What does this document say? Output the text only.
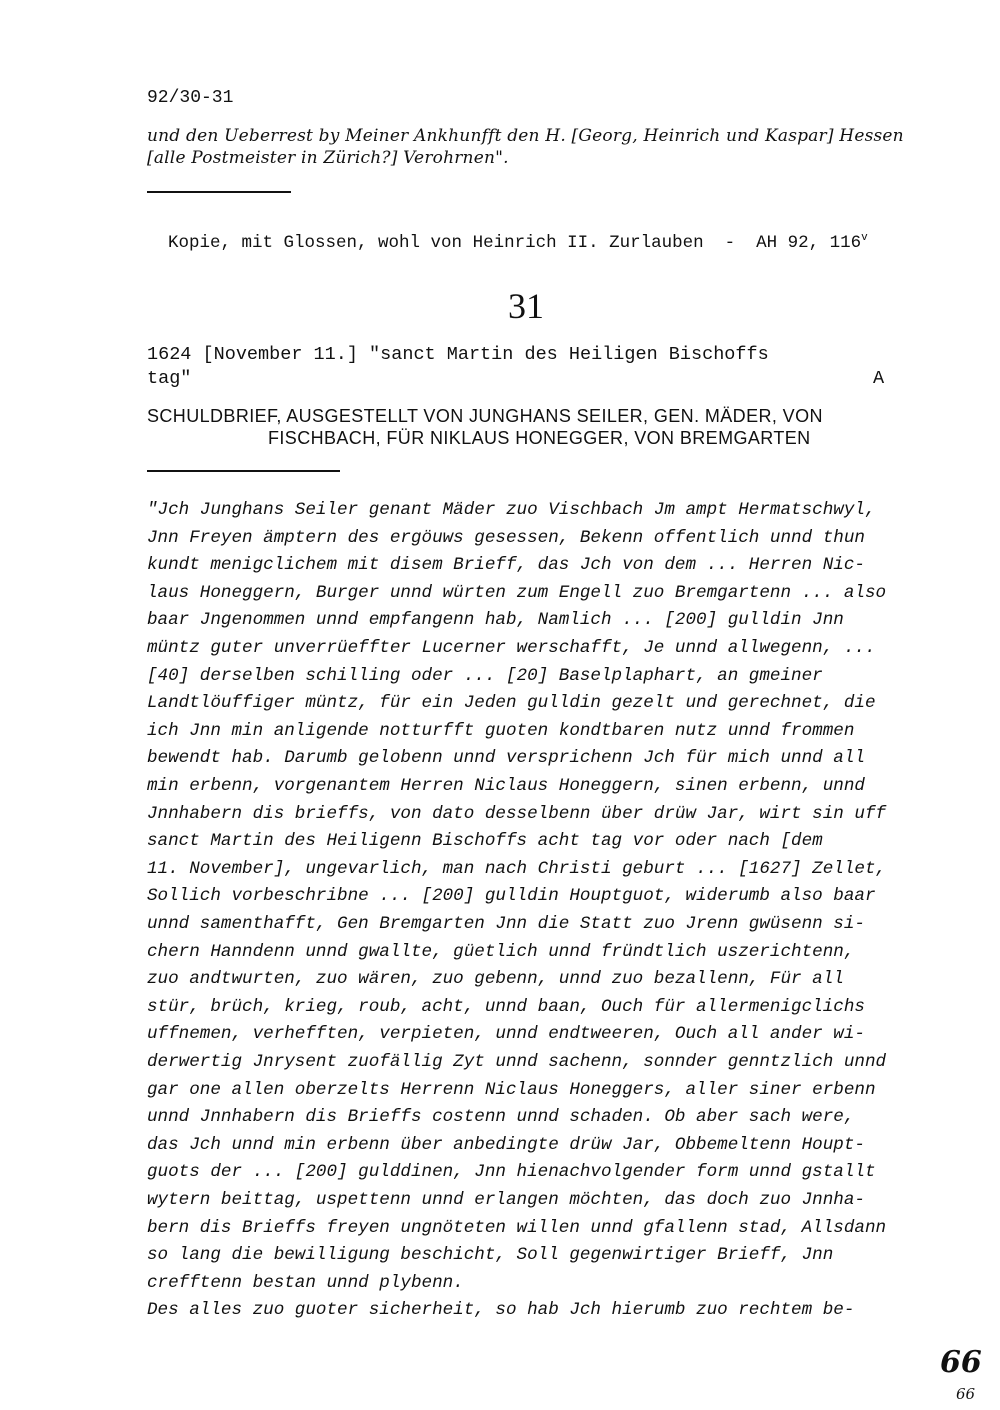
92/30-31
und den Ueberrest by Meiner Ankhunfft den H. [Georg, Heinrich und Kaspar] Hessen
[alle Postmeister in Zürich?] Verohrnen".

Kopie, mit Glossen, wohl von Heinrich II. Zurlauben  -  AH 92, 116$^v$

31
1624 [November 11.] "sanct Martin des Heiligen Bischoffs
tag"	A
SCHULDBRIEF, AUSGESTELLT VON JUNGHANS SEILER, GEN. MÄDER, VON
FISCHBACH, FÜR NIKLAUS HONEGGER, VON BREMGARTEN
"Jch Junghans Seiler genant Mäder zuo Vischbach Jm ampt Hermatschwyl,
Jnn Freyen ämptern des ergöuws gesessen, Bekenn offentlich unnd thun
kundt menigclichem mit disem Brieff, das Jch von dem ... Herren Nic-
laus Honeggern, Burger unnd würten zum Engell zuo Bremgartenn ... also
baar Jngenommen unnd empfangenn hab, Namlich ... [200] gulldin Jnn
müntz guter unverrüeffter Lucerner werschafft, Je unnd allwegenn, ...
[40] derselben schilling oder ... [20] Baselplaphart, an gmeiner
Landtlöuffiger müntz, für ein Jeden gulldin gezelt und gerechnet, die
ich Jnn min anligende notturfft guoten kondtbaren nutz unnd frommen
bewendt hab. Darumb gelobenn unnd versprichenn Jch für mich unnd all
min erbenn, vorgenantem Herren Niclaus Honeggern, sinen erbenn, unnd
Jnnhabern dis brieffs, von dato desselbenn über drüw Jar, wirt sin uff
sanct Martin des Heiligenn Bischoffs acht tag vor oder nach [dem
11. November], ungevarlich, man nach Christi geburt ... [1627] Zellet,
Sollich vorbeschribne ... [200] gulldin Houptguot, widerumb also baar
unnd samenthafft, Gen Bremgarten Jnn die Statt zuo Jrenn gwüsenn si-
chern Hanndenn unnd gwallte, güetlich unnd fründtlich uszerichtenn,
zuo andtwurten, zuo wären, zuo gebenn, unnd zuo bezallenn, Für all
stür, brüch, krieg, roub, acht, unnd baan, Ouch für allermenigclichs
uffnemen, verhefften, verpieten, unnd endtweeren, Ouch all ander wi-
derwertig Jnrysent zuofällig Zyt unnd sachenn, sonnder genntzlich unnd
gar one allen oberzelts Herrenn Niclaus Honeggers, aller siner erbenn
unnd Jnnhabern dis Brieffs costenn unnd schaden. Ob aber sach were,
das Jch unnd min erbenn über anbedingte drüw Jar, Obbemeltenn Houpt-
guots der ... [200] gulddinen, Jnn hienachvolgender form unnd gstallt
wytern beittag, uspettenn unnd erlangen möchten, das doch zuo Jnnha-
bern dis Brieffs freyen ungnöteten willen unnd gfallenn stad, Allsdann
so lang die bewilligung beschicht, Soll gegenwirtiger Brieff, Jnn
crefftenn bestan unnd plybenn.
Des alles zuo guoter sicherheit, so hab Jch hierumb zuo rechtem be-
66
66
